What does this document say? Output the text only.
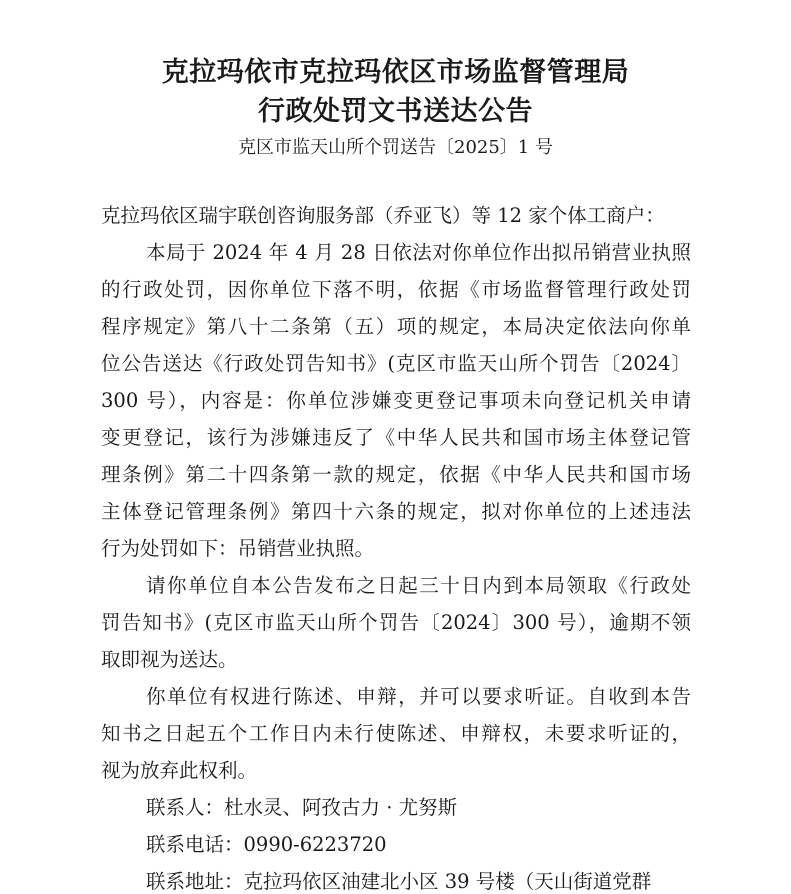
克拉玛依市克拉玛依区市场监督管理局
行政处罚文书送达公告
克区市监天山所个罚送告〔2025〕1 号
克拉玛依区瑞宇联创咨询服务部（乔亚飞）等 12 家个体工商户：
本局于 2024 年 4 月 28 日依法对你单位作出拟吊销营业执照
的行政处罚，因你单位下落不明，依据《市场监督管理行政处罚
程序规定》第八十二条第（五）项的规定，本局决定依法向你单
位公告送达《行政处罚告知书》(克区市监天山所个罚告〔2024〕
300 号），内容是：你单位涉嫌变更登记事项未向登记机关申请
变更登记，该行为涉嫌违反了《中华人民共和国市场主体登记管
理条例》第二十四条第一款的规定，依据《中华人民共和国市场
主体登记管理条例》第四十六条的规定，拟对你单位的上述违法
行为处罚如下：吊销营业执照。
请你单位自本公告发布之日起三十日内到本局领取《行政处
罚告知书》(克区市监天山所个罚告〔2024〕300 号），逾期不领
取即视为送达。
你单位有权进行陈述、申辩，并可以要求听证。自收到本告
知书之日起五个工作日内未行使陈述、申辩权，未要求听证的，
视为放弃此权利。
联系人：杜水灵、阿孜古力 · 尤努斯
联系电话：0990-6223720
联系地址：克拉玛依区油建北小区 39 号楼（天山街道党群
